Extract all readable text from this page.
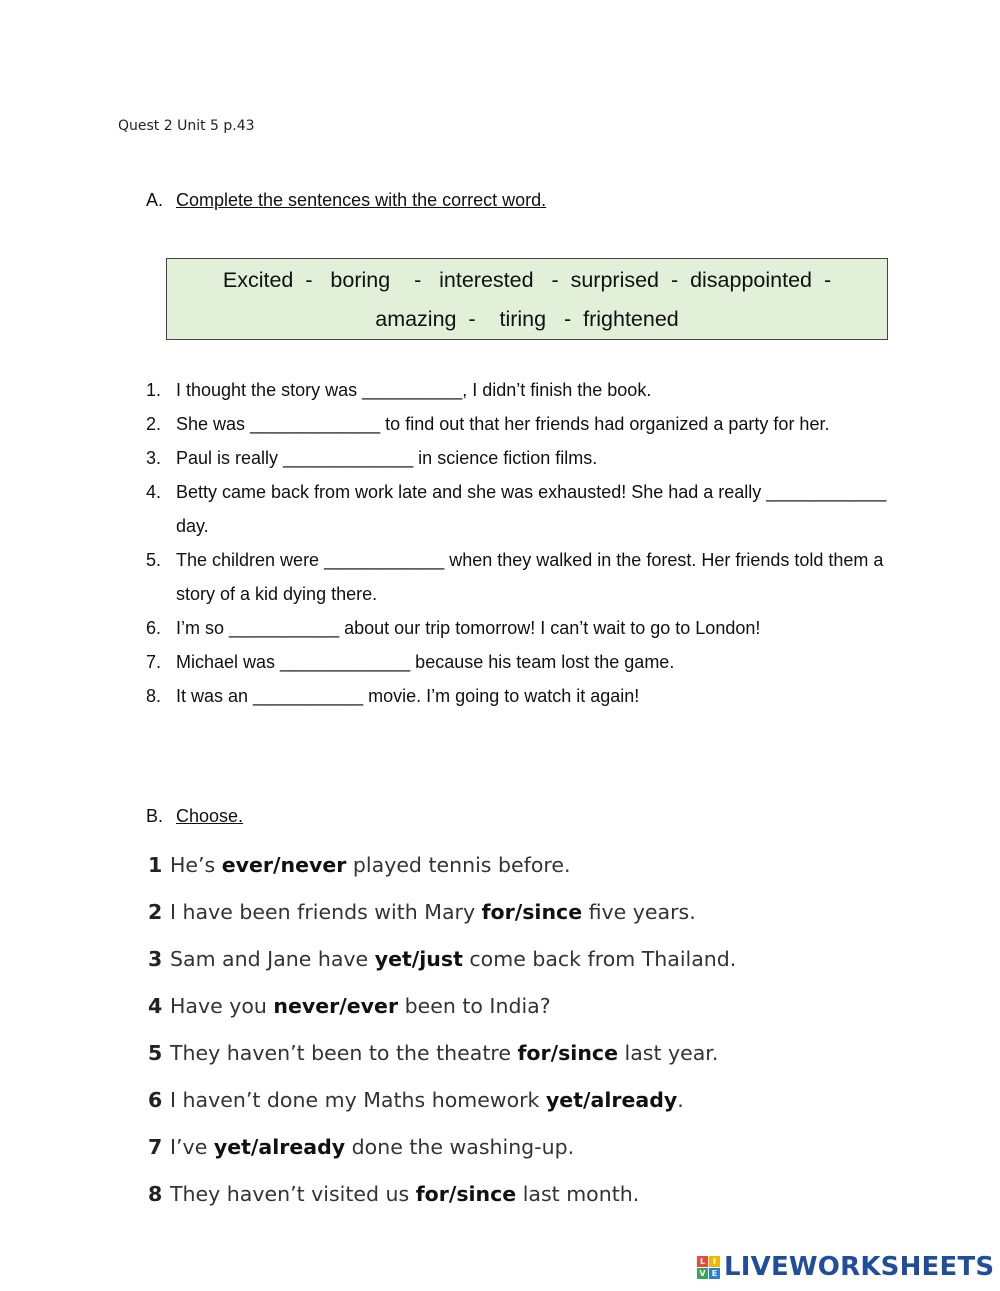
Quest 2 Unit 5 p.43
A. Complete the sentences with the correct word.
Excited  -   boring    -   interested   -  surprised  -  disappointed  -
amazing  -    tiring   -  frightened
1. I thought the story was __________, I didn’t finish the book.
2. She was _____________ to find out that her friends had organized a party for her.
3. Paul is really _____________ in science fiction films.
4. Betty came back from work late and she was exhausted! She had a really ____________ day.
5. The children were ____________ when they walked in the forest. Her friends told them a story of a kid dying there.
6. I’m so ___________ about our trip tomorrow! I can’t wait to go to London!
7. Michael was _____________ because his team lost the game.
8. It was an ___________ movie. I’m going to watch it again!
B. Choose.
1 He’s ever/never played tennis before.
2 I have been friends with Mary for/since five years.
3 Sam and Jane have yet/just come back from Thailand.
4 Have you never/ever been to India?
5 They haven’t been to the theatre for/since last year.
6 I haven’t done my Maths homework yet/already.
7 I’ve yet/already done the washing-up.
8 They haven’t visited us for/since last month.
L I
V E LIVEWORKSHEETS
